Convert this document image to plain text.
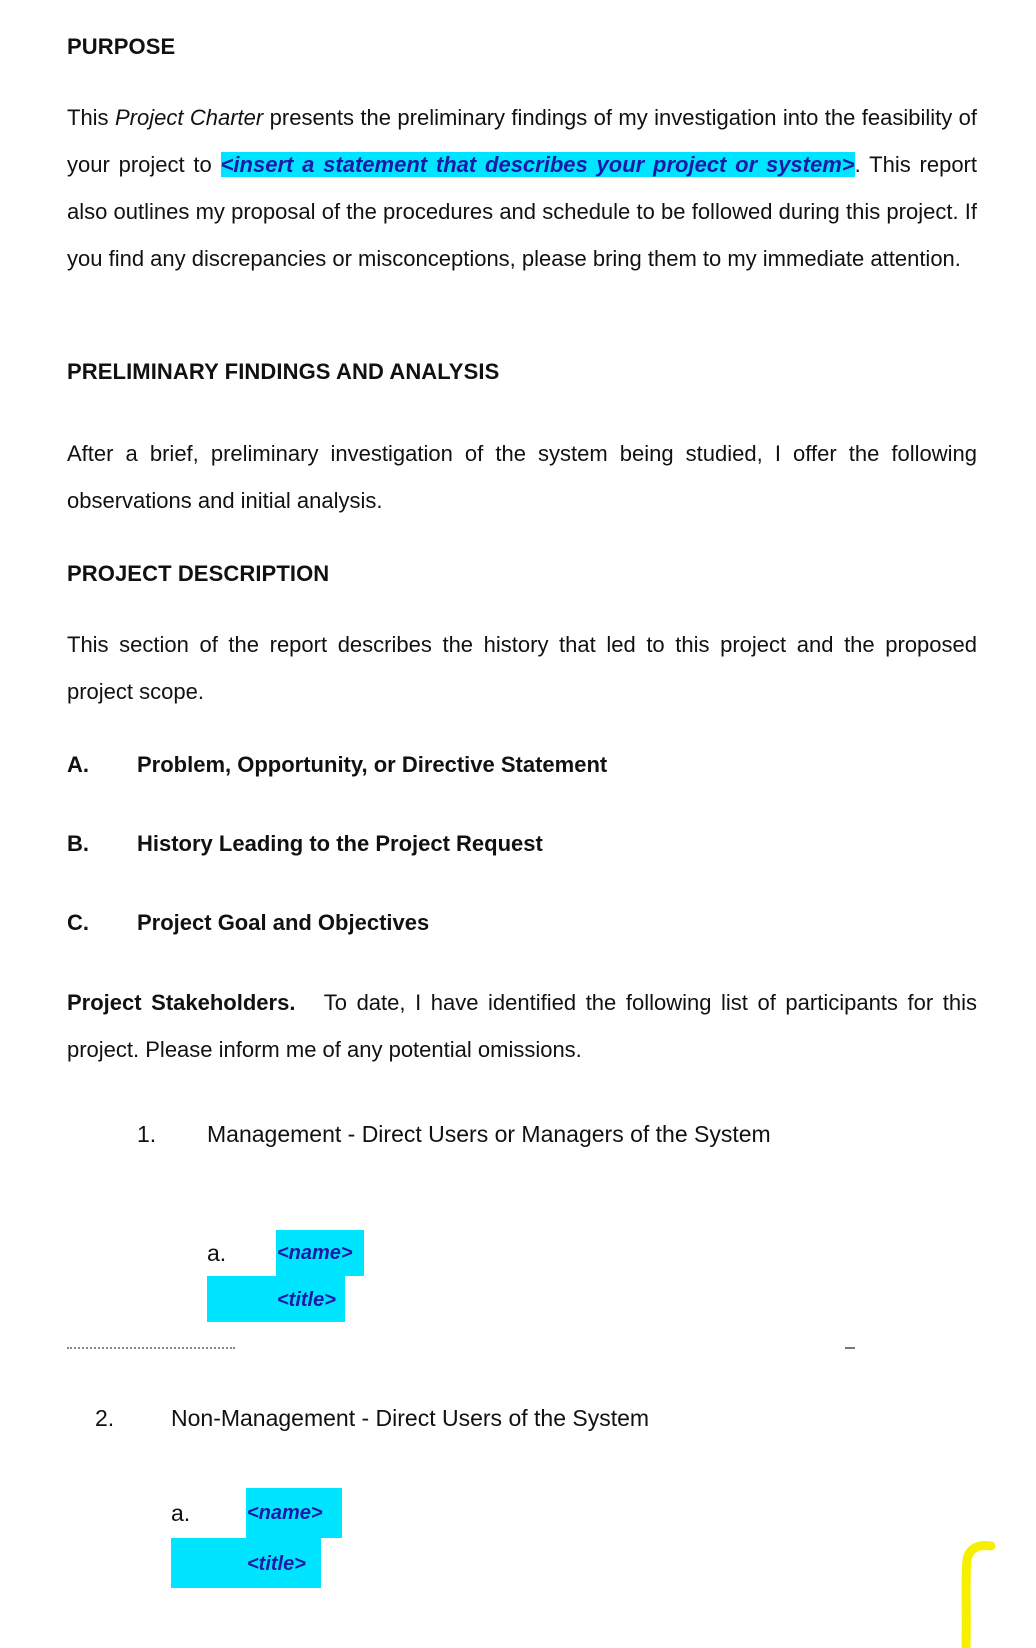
PURPOSE
This Project Charter presents the preliminary findings of my investigation into the feasibility of your project to <insert a statement that describes your project or system>. This report also outlines my proposal of the procedures and schedule to be followed during this project. If you find any discrepancies or misconceptions, please bring them to my immediate attention.
PRELIMINARY FINDINGS AND ANALYSIS
After a brief, preliminary investigation of the system being studied, I offer the following observations and initial analysis.
PROJECT DESCRIPTION
This section of the report describes the history that led to this project and the proposed project scope.
A. Problem, Opportunity, or Directive Statement
B. History Leading to the Project Request
C. Project Goal and Objectives
Project Stakeholders. To date, I have identified the following list of participants for this project. Please inform me of any potential omissions.
1. Management - Direct Users or Managers of the System
a.	<name>
<title>
2. Non-Management - Direct Users of the System
a.	<name>
<title>
